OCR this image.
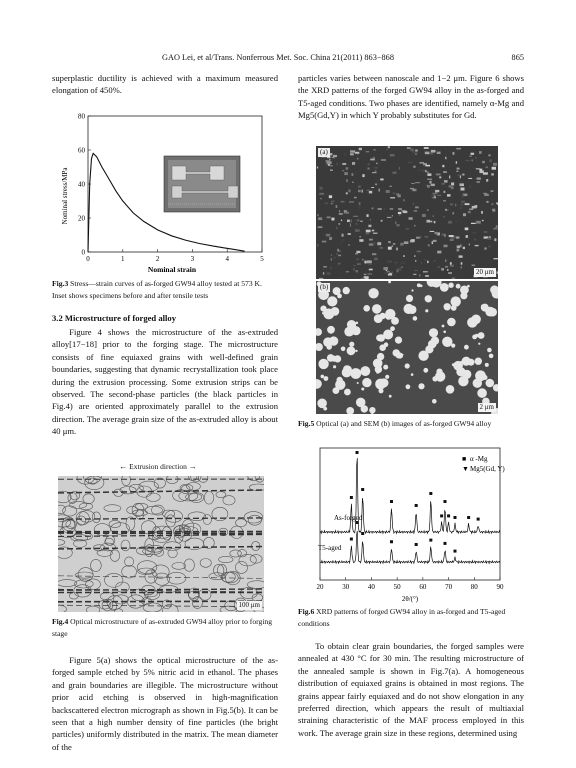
GAO Lei, et al/Trans. Nonferrous Met. Soc. China 21(2011) 863−868	865

superplastic ductility is achieved with a maximum measured elongation of 450%.

0	1	2	3	4	5
0
20
40
60
80
Nominal stress/MPa
Nominal strain
Fig.3 Stress—strain curves of as-forged GW94 alloy tested at 573 K. Inset shows specimens before and after tensile tests
3.2 Microstructure of forged alloy

Figure 4 shows the microstructure of the as-extruded alloy[17−18] prior to the forging stage. The microstructure consists of fine equiaxed grains with well-defined grain boundaries, suggesting that dynamic recrystallization took place during the extrusion processing. Some extrusion strips can be observed. The second-phase particles (the black particles in Fig.4) are oriented approximately parallel to the extrusion direction. The average grain size of the as-extruded alloy is about 40 μm.

← Extrusion direction →
100 μm
Fig.4 Optical microstructure of as-extruded GW94 alloy prior to forging stage

Figure 5(a) shows the optical microstructure of the as-forged sample etched by 5% nitric acid in ethanol. The phases and grain boundaries are illegible. The microstructure without prior acid etching is observed in high-magnification backscattered electron micrograph as shown in Fig.5(b). It can be seen that a high number density of fine particles (the bright particles) uniformly distributed in the matrix. The mean diameter of the

particles varies between nanoscale and 1−2 μm. Figure 6 shows the XRD patterns of the forged GW94 alloy in the as-forged and T5-aged conditions. Two phases are identified, namely α-Mg and Mg5(Gd,Y) in which Y probably substitutes for Gd.

(a)
20 μm
(b)
2 μm
Fig.5 Optical (a) and SEM (b) images of as-forged GW94 alloy
20	30	40	50	60	70	80	90
■ α -Mg
▼ Mg5(Gd, Y)
As-forged
T5-aged
2θ/(°)
Fig.6 XRD patterns of forged GW94 alloy in as-forged and T5-aged conditions

To obtain clear grain boundaries, the forged samples were annealed at 430 °C for 30 min. The resulting microstructure of the annealed sample is shown in Fig.7(a). A homogeneous distribution of equiaxed grains is obtained in most regions. The grains appear fairly equiaxed and do not show elongation in any preferred direction, which appears the result of multiaxial straining characteristic of the MAF process employed in this work. The average grain size in these regions, determined using
